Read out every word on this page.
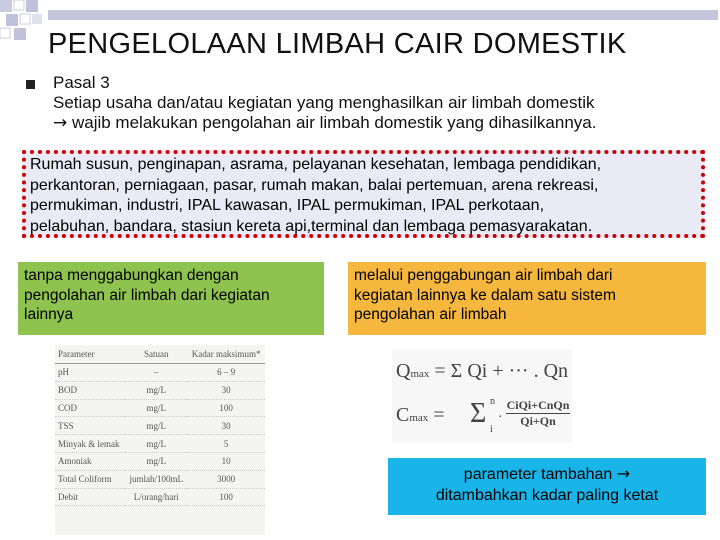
PENGELOLAAN LIMBAH CAIR DOMESTIK
Pasal 3
Setiap usaha dan/atau kegiatan yang menghasilkan air limbah domestik
→ wajib melakukan pengolahan air limbah domestik yang dihasilkannya.
Rumah susun, penginapan, asrama, pelayanan kesehatan, lembaga pendidikan,
perkantoran, perniagaan, pasar, rumah makan, balai pertemuan, arena rekreasi,
permukiman, industri, IPAL kawasan, IPAL permukiman, IPAL perkotaan,
pelabuhan, bandara, stasiun kereta api,terminal dan lembaga pemasyarakatan.
tanpa menggabungkan dengan
pengolahan air limbah dari kegiatan
lainnya
melalui penggabungan air limbah dari
kegiatan lainnya ke dalam satu sistem
pengolahan air limbah
Parameter	Satuan	Kadar maksimum*
pH	–	6 – 9
BOD	mg/L	30
COD	mg/L	100
TSS	mg/L	30
Minyak & lemak	mg/L	5
Amoniak	mg/L	10
Total Coliform	jumlah/100mL	3000
Debit	L/orang/hari	100
Qmax = Σ Qi + ··· . Qn
Cmax = Σ n
i
·
CiQi+CnQn
Qi+Qn
parameter tambahan →
ditambahkan kadar paling ketat
